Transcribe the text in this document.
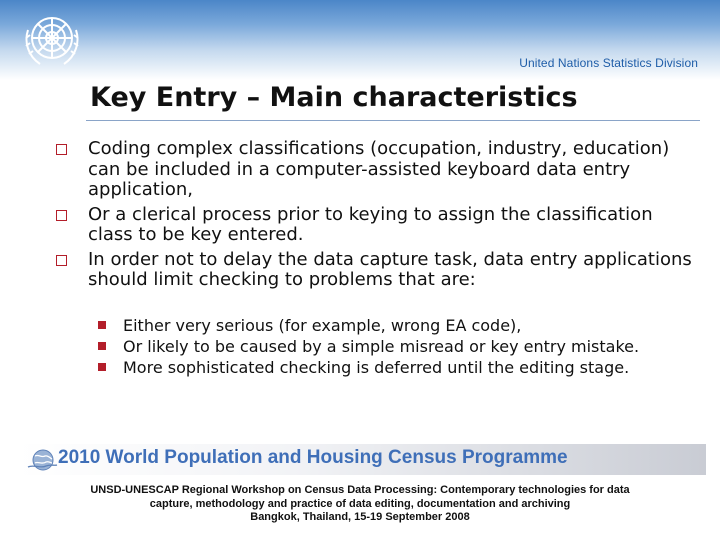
United Nations Statistics Division
Key Entry – Main characteristics
Coding complex classifications (occupation, industry, education) can be included in a computer-assisted keyboard data entry application,
Or a clerical process prior to keying to assign the classification class to be key entered.
In order not to delay the data capture task, data entry applications should limit checking to problems that are:
Either very serious (for example, wrong EA code),
Or likely to be caused by a simple misread or key entry mistake.
More sophisticated checking is deferred until the editing stage.
2010 World Population and Housing Census Programme
UNSD-UNESCAP Regional Workshop on Census Data Processing: Contemporary technologies for data
capture, methodology and practice of data editing, documentation and archiving
Bangkok, Thailand, 15-19 September 2008
